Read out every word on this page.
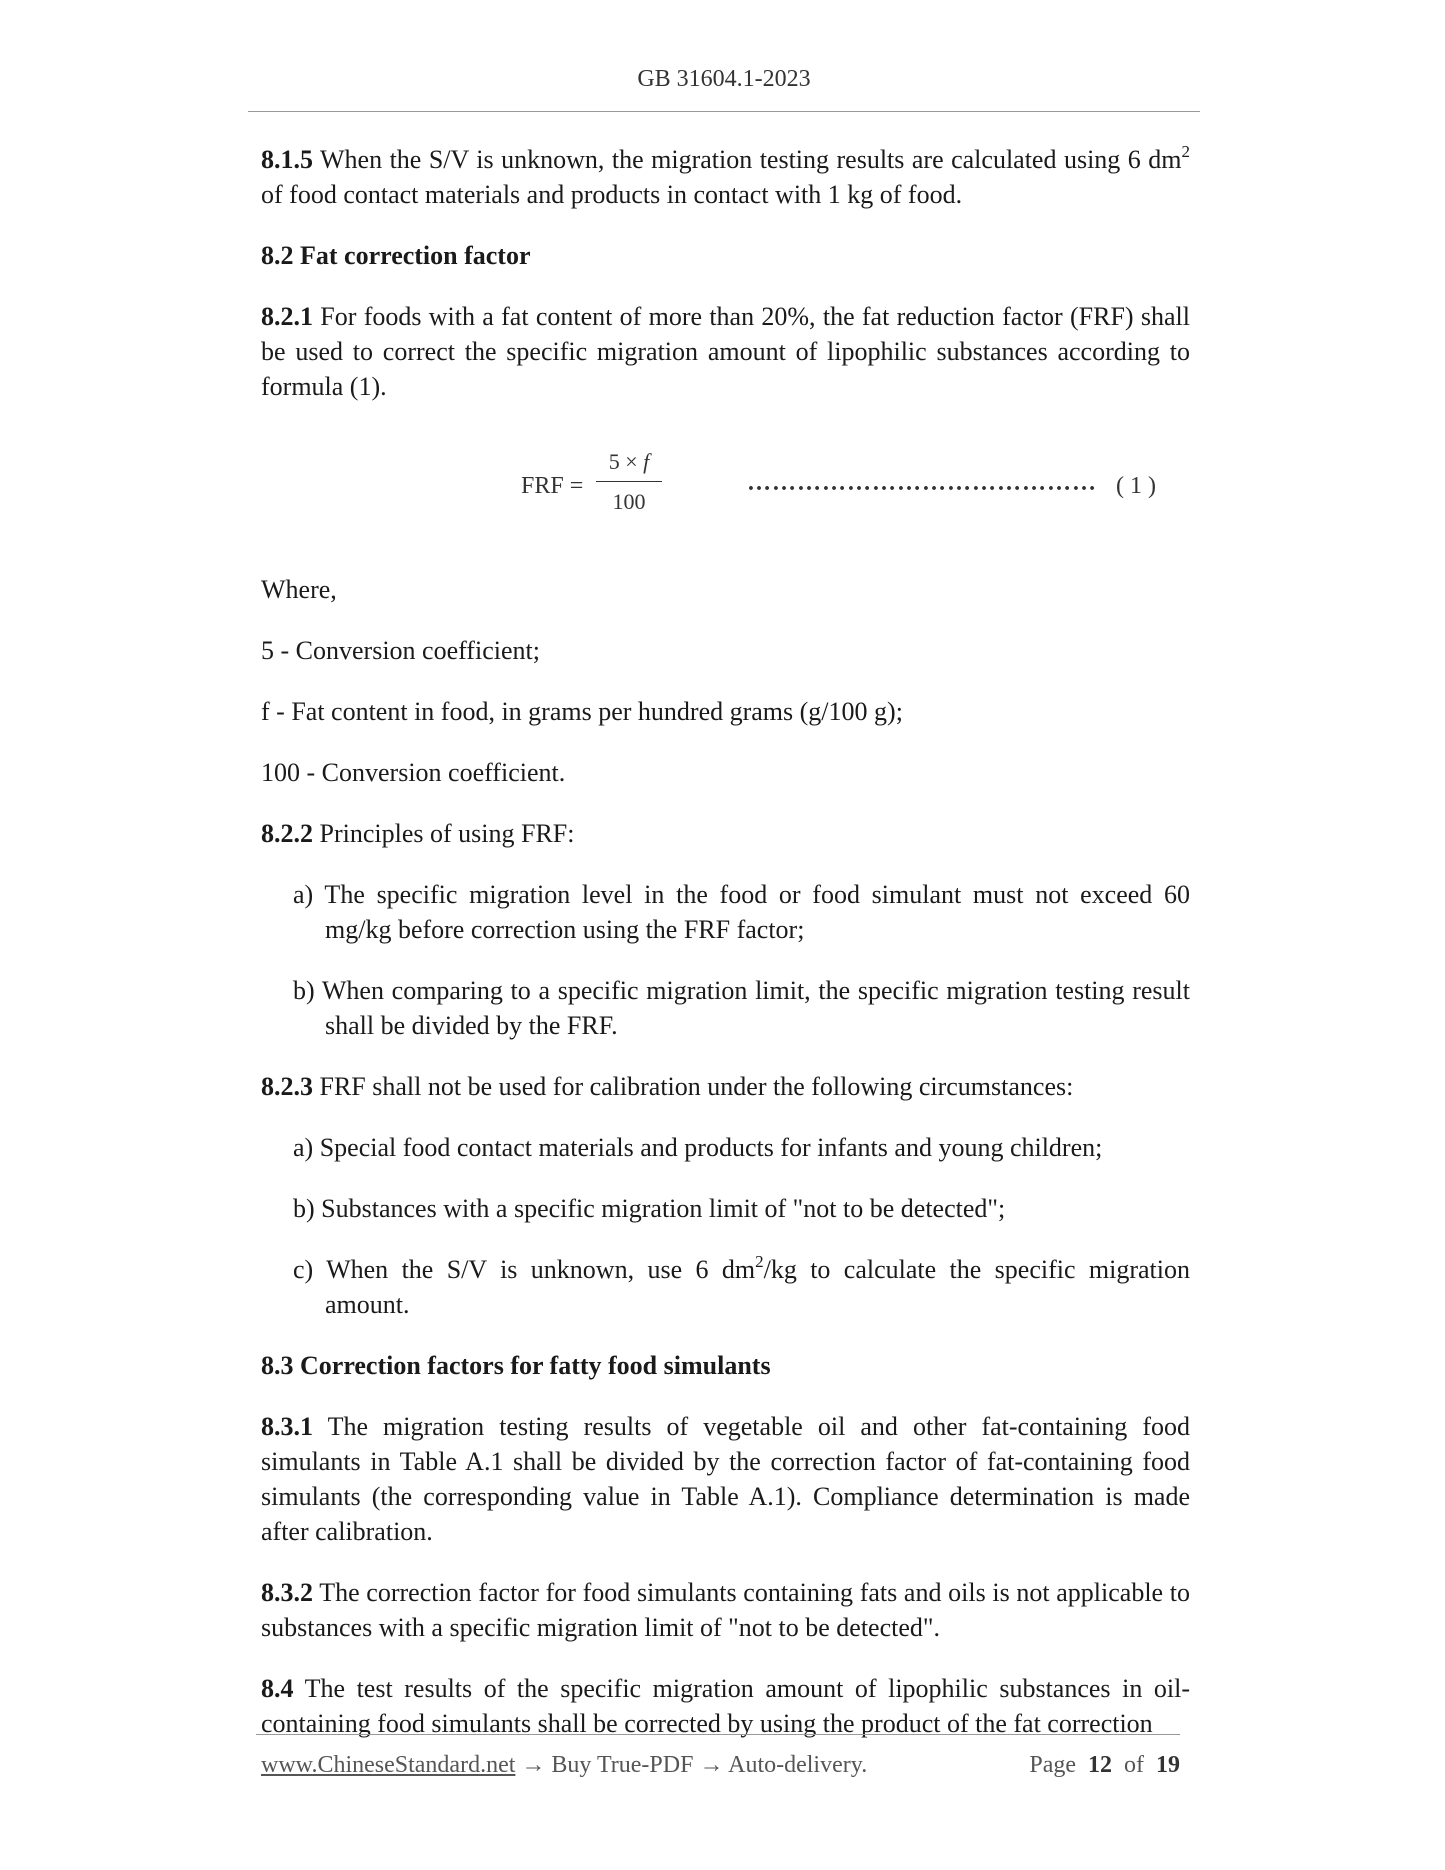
GB 31604.1-2023

8.1.5 When the S/V is unknown, the migration testing results are calculated using 6 $dm^2$ of food contact materials and products in contact with 1 kg of food.

8.2 Fat correction factor

8.2.1 For foods with a fat content of more than 20%, the fat reduction factor (FRF) shall be used to correct the specific migration amount of lipophilic substances according to formula (1).

FRF = $\frac{5 \times f}{100}$	…………………………………… ( 1 )

Where,

5 - Conversion coefficient;

f - Fat content in food, in grams per hundred grams (g/100 g);

100 - Conversion coefficient.

8.2.2 Principles of using FRF:

a) The specific migration level in the food or food simulant must not exceed 60 mg/kg before correction using the FRF factor;

b) When comparing to a specific migration limit, the specific migration testing result shall be divided by the FRF.

8.2.3 FRF shall not be used for calibration under the following circumstances:

a) Special food contact materials and products for infants and young children;

b) Substances with a specific migration limit of "not to be detected";

c) When the S/V is unknown, use 6 $dm^2/kg$ to calculate the specific migration amount.

8.3 Correction factors for fatty food simulants

8.3.1 The migration testing results of vegetable oil and other fat-containing food simulants in Table A.1 shall be divided by the correction factor of fat-containing food simulants (the corresponding value in Table A.1). Compliance determination is made after calibration.

8.3.2 The correction factor for food simulants containing fats and oils is not applicable to substances with a specific migration limit of "not to be detected".

8.4 The test results of the specific migration amount of lipophilic substances in oil-containing food simulants shall be corrected by using the product of the fat correction

www.ChineseStandard.net → Buy True-PDF → Auto-delivery.	Page 12 of 19
